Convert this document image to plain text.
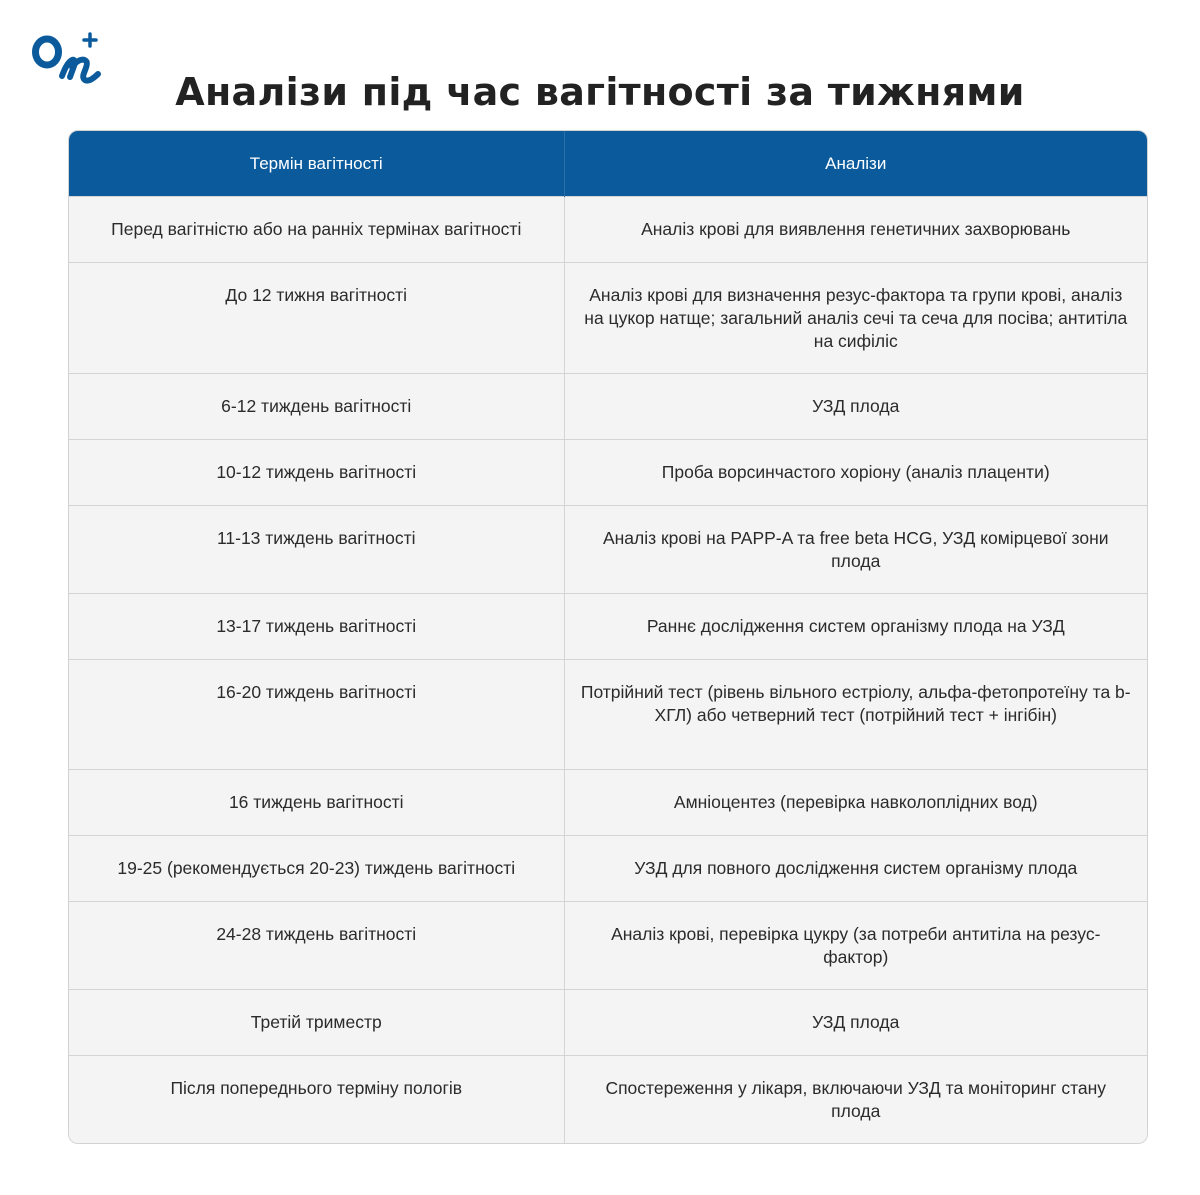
Аналізи під час вагітності за тижнями
Термін вагітності	Аналізи
Перед вагітністю або на ранніх термінах вагітності	Аналіз крові для виявлення генетичних захворювань
До 12 тижня вагітності	Аналіз крові для визначення резус-фактора та групи крові, аналіз на цукор натще; загальний аналіз сечі та сеча для посіва; антитіла на сифіліс
6-12 тиждень вагітності	УЗД плода
10-12 тиждень вагітності	Проба ворсинчастого хоріону (аналіз плаценти)
11-13 тиждень вагітності	Аналіз крові на PAPP-A та free beta HCG, УЗД комірцевої зони плода
13-17 тиждень вагітності	Раннє дослідження систем організму плода на УЗД
16-20 тиждень вагітності	Потрійний тест (рівень вільного естріолу, альфа-фетопротеїну та b-ХГЛ) або четверний тест (потрійний тест + інгібін)
16 тиждень вагітності	Амніоцентез (перевірка навколоплідних вод)
19-25 (рекомендується 20-23) тиждень вагітності	УЗД для повного дослідження систем організму плода
24-28 тиждень вагітності	Аналіз крові, перевірка цукру (за потреби антитіла на резус-фактор)
Третій триместр	УЗД плода
Після попереднього терміну пологів	Спостереження у лікаря, включаючи УЗД та моніторинг стану плода
